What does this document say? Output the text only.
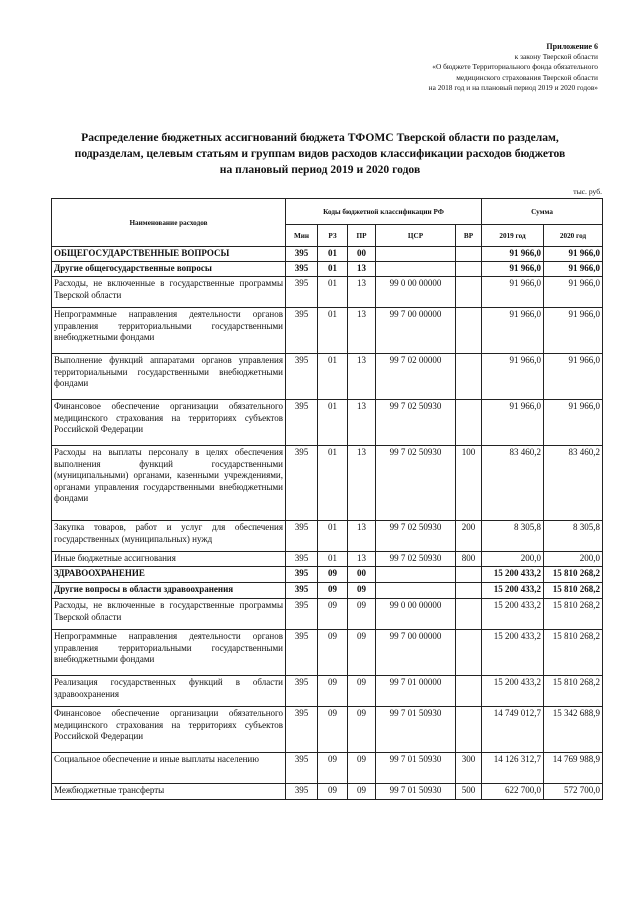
Приложение 6
к закону Тверской области
«О бюджете Территориального фонда обязательного
медицинского страхования Тверской области
на 2018 год и на плановый период 2019 и 2020 годов»
Распределение бюджетных ассигнований бюджета ТФОМС Тверской области по разделам,
подразделам, целевым статьям и группам видов расходов классификации расходов бюджетов
на плановый период 2019 и 2020 годов
тыс. руб.
Наименование расходов	Коды бюджетной классификации РФ					Сумма	
	Мин	РЗ	ПР	ЦСР	ВР	2019 год	2020 год
ОБЩЕГОСУДАРСТВЕННЫЕ ВОПРОСЫ	395	01	00			91 966,0	91 966,0
Другие общегосударственные вопросы	395	01	13			91 966,0	91 966,0
Расходы, не включенные в государственные программы Тверской области	395	01	13	99 0 00 00000		91 966,0	91 966,0
Непрограммные направления деятельности органов управления территориальными государственными внебюджетными фондами	395	01	13	99 7 00 00000		91 966,0	91 966,0
Выполнение функций аппаратами органов управления территориальными государственными внебюджетными фондами	395	01	13	99 7 02 00000		91 966,0	91 966,0
Финансовое обеспечение организации обязательного медицинского страхования на территориях субъектов Российской Федерации	395	01	13	99 7 02 50930		91 966,0	91 966,0
Расходы на выплаты персоналу в целях обеспечения выполнения функций государственными (муниципальными) органами, казенными учреждениями, органами управления государственными внебюджетными фондами	395	01	13	99 7 02 50930	100	83 460,2	83 460,2
Закупка товаров, работ и услуг для обеспечения государственных (муниципальных) нужд	395	01	13	99 7 02 50930	200	8 305,8	8 305,8
Иные бюджетные ассигнования	395	01	13	99 7 02 50930	800	200,0	200,0
ЗДРАВООХРАНЕНИЕ	395	09	00			15 200 433,2	15 810 268,2
Другие вопросы в области здравоохранения	395	09	09			15 200 433,2	15 810 268,2
Расходы, не включенные в государственные программы Тверской области	395	09	09	99 0 00 00000		15 200 433,2	15 810 268,2
Непрограммные направления деятельности органов управления территориальными государственными внебюджетными фондами	395	09	09	99 7 00 00000		15 200 433,2	15 810 268,2
Реализация государственных функций в области здравоохранения	395	09	09	99 7 01 00000		15 200 433,2	15 810 268,2
Финансовое обеспечение организации обязательного медицинского страхования на территориях субъектов Российской Федерации	395	09	09	99 7 01 50930		14 749 012,7	15 342 688,9
Социальное обеспечение и иные выплаты населению	395	09	09	99 7 01 50930	300	14 126 312,7	14 769 988,9
Межбюджетные трансферты	395	09	09	99 7 01 50930	500	622 700,0	572 700,0
